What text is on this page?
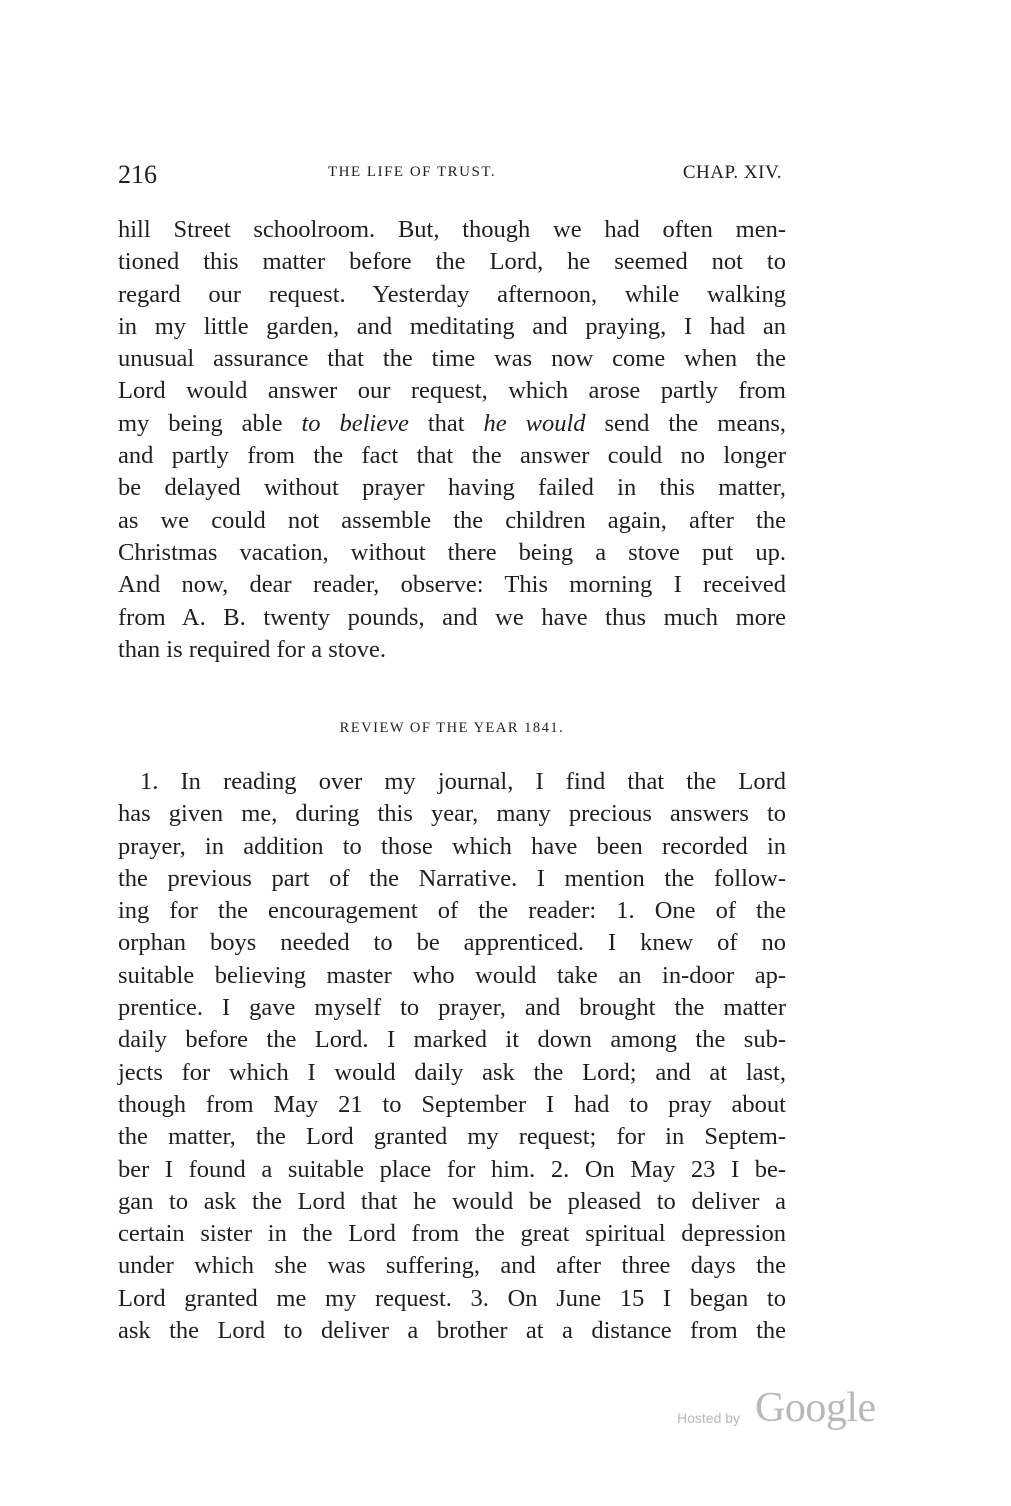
216	THE LIFE OF TRUST.	CHAP. XIV.
hill Street schoolroom. But, though we had often men-
tioned this matter before the Lord, he seemed not to
regard our request. Yesterday afternoon, while walking
in my little garden, and meditating and praying, I had an
unusual assurance that the time was now come when the
Lord would answer our request, which arose partly from
my being able to believe that he would send the means,
and partly from the fact that the answer could no longer
be delayed without prayer having failed in this matter,
as we could not assemble the children again, after the
Christmas vacation, without there being a stove put up.
And now, dear reader, observe: This morning I received
from A. B. twenty pounds, and we have thus much more
than is required for a stove.
REVIEW OF THE YEAR 1841.
1. In reading over my journal, I find that the Lord
has given me, during this year, many precious answers to
prayer, in addition to those which have been recorded in
the previous part of the Narrative. I mention the follow-
ing for the encouragement of the reader: 1. One of the
orphan boys needed to be apprenticed. I knew of no
suitable believing master who would take an in-door ap-
prentice. I gave myself to prayer, and brought the matter
daily before the Lord. I marked it down among the sub-
jects for which I would daily ask the Lord; and at last,
though from May 21 to September I had to pray about
the matter, the Lord granted my request; for in Septem-
ber I found a suitable place for him. 2. On May 23 I be-
gan to ask the Lord that he would be pleased to deliver a
certain sister in the Lord from the great spiritual depression
under which she was suffering, and after three days the
Lord granted me my request. 3. On June 15 I began to
ask the Lord to deliver a brother at a distance from the
Hosted by Google
